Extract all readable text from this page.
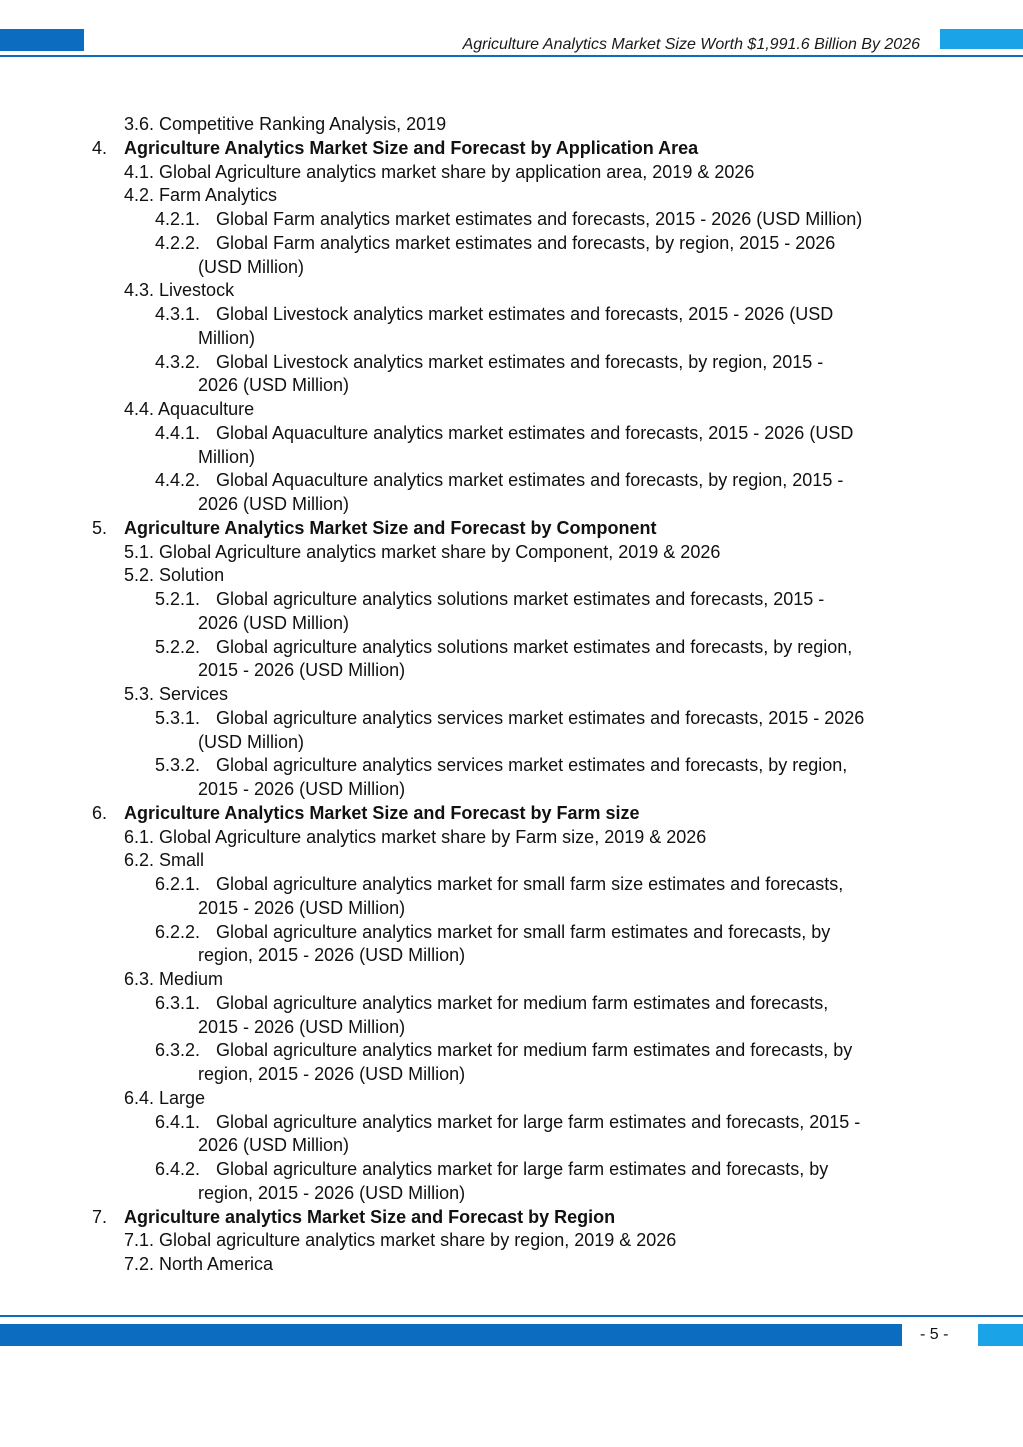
Agriculture Analytics Market Size Worth $1,991.6 Billion By 2026
3.6. Competitive Ranking Analysis, 2019
4. Agriculture Analytics Market Size and Forecast by Application Area
4.1. Global Agriculture analytics market share by application area, 2019 & 2026
4.2. Farm Analytics
4.2.1. Global Farm analytics market estimates and forecasts, 2015 - 2026 (USD Million)
4.2.2. Global Farm analytics market estimates and forecasts, by region, 2015 - 2026
(USD Million)
4.3. Livestock
4.3.1. Global Livestock analytics market estimates and forecasts, 2015 - 2026 (USD
Million)
4.3.2. Global Livestock analytics market estimates and forecasts, by region, 2015 -
2026 (USD Million)
4.4. Aquaculture
4.4.1. Global Aquaculture analytics market estimates and forecasts, 2015 - 2026 (USD
Million)
4.4.2. Global Aquaculture analytics market estimates and forecasts, by region, 2015 -
2026 (USD Million)
5. Agriculture Analytics Market Size and Forecast by Component
5.1. Global Agriculture analytics market share by Component, 2019 & 2026
5.2. Solution
5.2.1. Global agriculture analytics solutions market estimates and forecasts, 2015 -
2026 (USD Million)
5.2.2. Global agriculture analytics solutions market estimates and forecasts, by region,
2015 - 2026 (USD Million)
5.3. Services
5.3.1. Global agriculture analytics services market estimates and forecasts, 2015 - 2026
(USD Million)
5.3.2. Global agriculture analytics services market estimates and forecasts, by region,
2015 - 2026 (USD Million)
6. Agriculture Analytics Market Size and Forecast by Farm size
6.1. Global Agriculture analytics market share by Farm size, 2019 & 2026
6.2. Small
6.2.1. Global agriculture analytics market for small farm size estimates and forecasts,
2015 - 2026 (USD Million)
6.2.2. Global agriculture analytics market for small farm estimates and forecasts, by
region, 2015 - 2026 (USD Million)
6.3. Medium
6.3.1. Global agriculture analytics market for medium farm estimates and forecasts,
2015 - 2026 (USD Million)
6.3.2. Global agriculture analytics market for medium farm estimates and forecasts, by
region, 2015 - 2026 (USD Million)
6.4. Large
6.4.1. Global agriculture analytics market for large farm estimates and forecasts, 2015 -
2026 (USD Million)
6.4.2. Global agriculture analytics market for large farm estimates and forecasts, by
region, 2015 - 2026 (USD Million)
7. Agriculture analytics Market Size and Forecast by Region
7.1. Global agriculture analytics market share by region, 2019 & 2026
7.2. North America
- 5 -
